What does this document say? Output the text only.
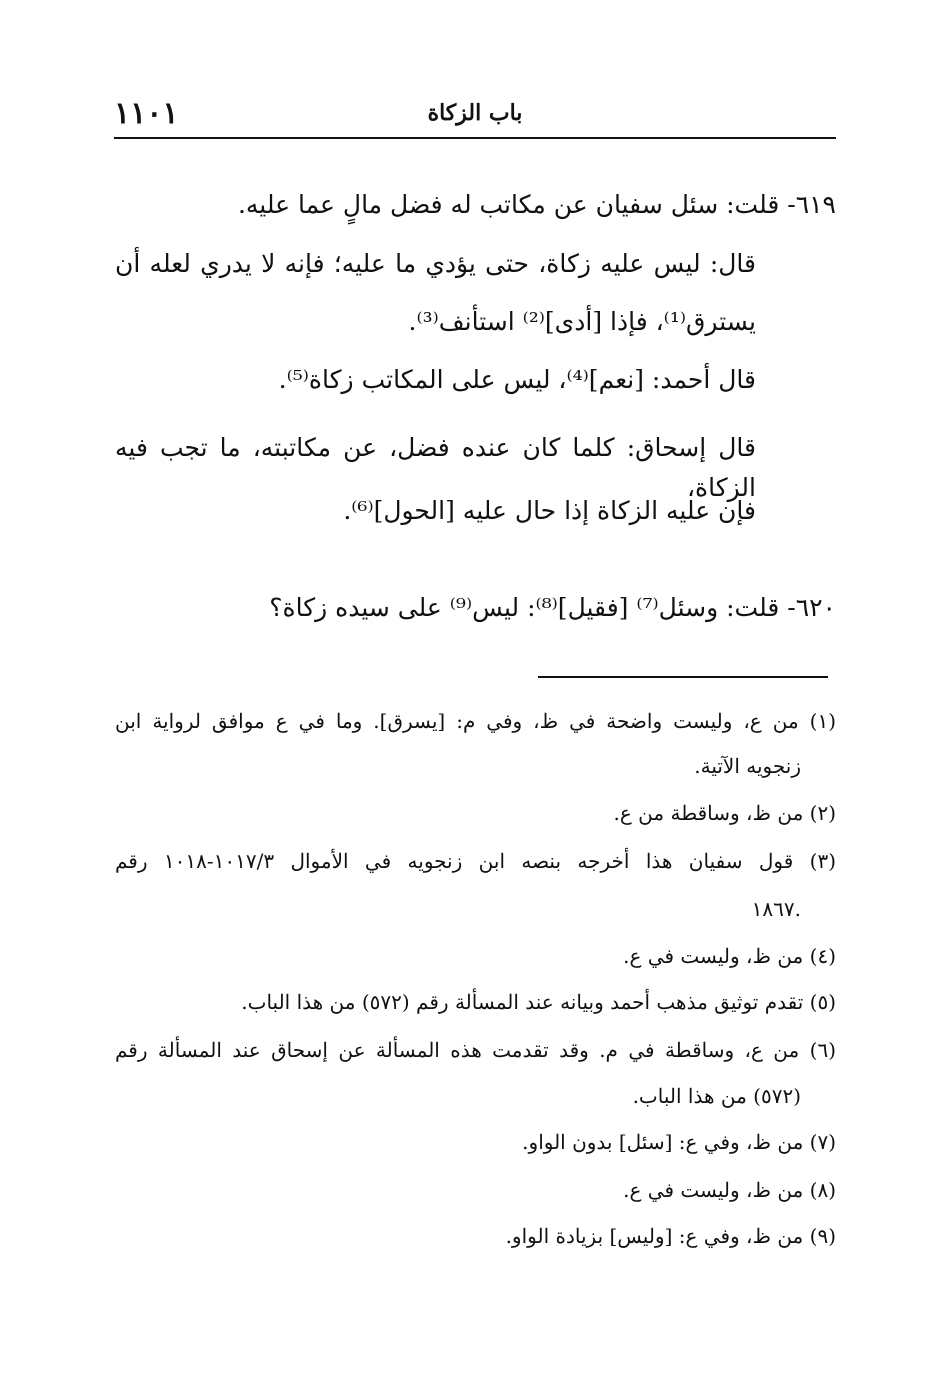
١١٠١	باب الزكاة
٦١٩- قلت: سئل سفيان عن مكاتب له فضل مالٍ عما عليه.
قال: ليس عليه زكاة، حتى يؤدي ما عليه؛ فإنه لا يدري لعله أن
يسترق⁽¹⁾، فإذا [أدى]⁽²⁾ استأنف⁽³⁾.
قال أحمد: [نعم]⁽⁴⁾، ليس على المكاتب زكاة⁽⁵⁾.
قال إسحاق: كلما كان عنده فضل، عن مكاتبته، ما تجب فيه الزكاة،
فإن عليه الزكاة إذا حال عليه [الحول]⁽⁶⁾.
٦٢٠- قلت: وسئل⁽⁷⁾ [فقيل]⁽⁸⁾: ليس⁽⁹⁾ على سيده زكاة؟
(١) من ع، وليست واضحة في ظ، وفي م: [يسرق]. وما في ع موافق لرواية ابن
زنجويه الآتية.
(٢) من ظ، وساقطة من ع.
(٣) قول سفيان هذا أخرجه بنصه ابن زنجويه في الأموال ١٠١٧/٣-١٠١٨ رقم
١٨٦٧.
(٤) من ظ، وليست في ع.
(٥) تقدم توثيق مذهب أحمد وبيانه عند المسألة رقم (٥٧٢) من هذا الباب.
(٦) من ع، وساقطة في م. وقد تقدمت هذه المسألة عن إسحاق عند المسألة رقم
(٥٧٢) من هذا الباب.
(٧) من ظ، وفي ع: [سئل] بدون الواو.
(٨) من ظ، وليست في ع.
(٩) من ظ، وفي ع: [وليس] بزيادة الواو.
